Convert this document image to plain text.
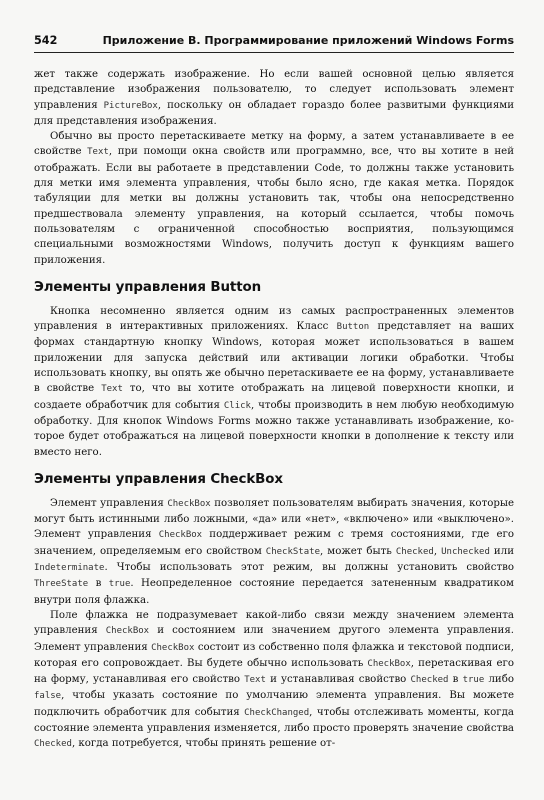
542	Приложение В. Программирование приложений Windows Forms

жет также содержать изображение. Но если вашей основной целью является представление изображения пользователю, то следует использовать элемент управления PictureBox, поскольку он обладает гораздо более развитыми функциями для представления изображения.

Обычно вы просто перетаскиваете метку на форму, а затем устанавливаете в ее свойстве Text, при помощи окна свойств или программно, все, что вы хотите в ней отображать. Если вы работаете в представлении Code, то должны также установить для метки имя элемента управления, чтобы было ясно, где какая метка. Порядок табуляции для метки вы должны установить так, чтобы она непосредственно предшествовала элементу управления, на который ссылается, чтобы помочь пользователям с ограниченной способностью восприятия, пользующимся специальными возможностями Windows, получить доступ к функциям вашего приложения.

Элементы управления Button

Кнопка несомненно является одним из самых распространенных элементов управления в интерактивных приложениях. Класс Button представляет на ваших формах стандартную кнопку Windows, которая может использоваться в вашем приложении для запуска действий или активации логики обработки. Чтобы использовать кнопку, вы опять же обычно перетаскиваете ее на форму, устанавливаете в свойстве Text то, что вы хотите отображать на лицевой поверхности кнопки, и создаете обработчик для события Click, чтобы производить в нем любую необходимую обработку. Для кнопок Windows Forms можно также устанавливать изображение, которое будет отображаться на лицевой поверхности кнопки в дополнение к тексту или вместо него.

Элементы управления CheckBox

Элемент управления CheckBox позволяет пользователям выбирать значения, которые могут быть истинными либо ложными, «да» или «нет», «включено» или «выключено». Элемент управления CheckBox поддерживает режим с тремя состояниями, где его значением, определяемым его свойством CheckState, может быть Checked, Unchecked или Indeterminate. Чтобы использовать этот режим, вы должны установить свойство ThreeState в true. Неопределенное состояние передается затененным квадратиком внутри поля флажка.

Поле флажка не подразумевает какой-либо связи между значением элемента управления CheckBox и состоянием или значением другого элемента управления. Элемент управления CheckBox состоит из собственно поля флажка и текстовой подписи, которая его сопровождает. Вы будете обычно использовать CheckBox, перетаскивая его на форму, устанавливая его свойство Text и устанавливая свойство Checked в true либо false, чтобы указать состояние по умолчанию элемента управления. Вы можете подключить обработчик для события CheckChanged, чтобы отслеживать моменты, когда состояние элемента управления изменяется, либо просто проверять значение свойства Checked, когда потребуется, чтобы принять решение от-
